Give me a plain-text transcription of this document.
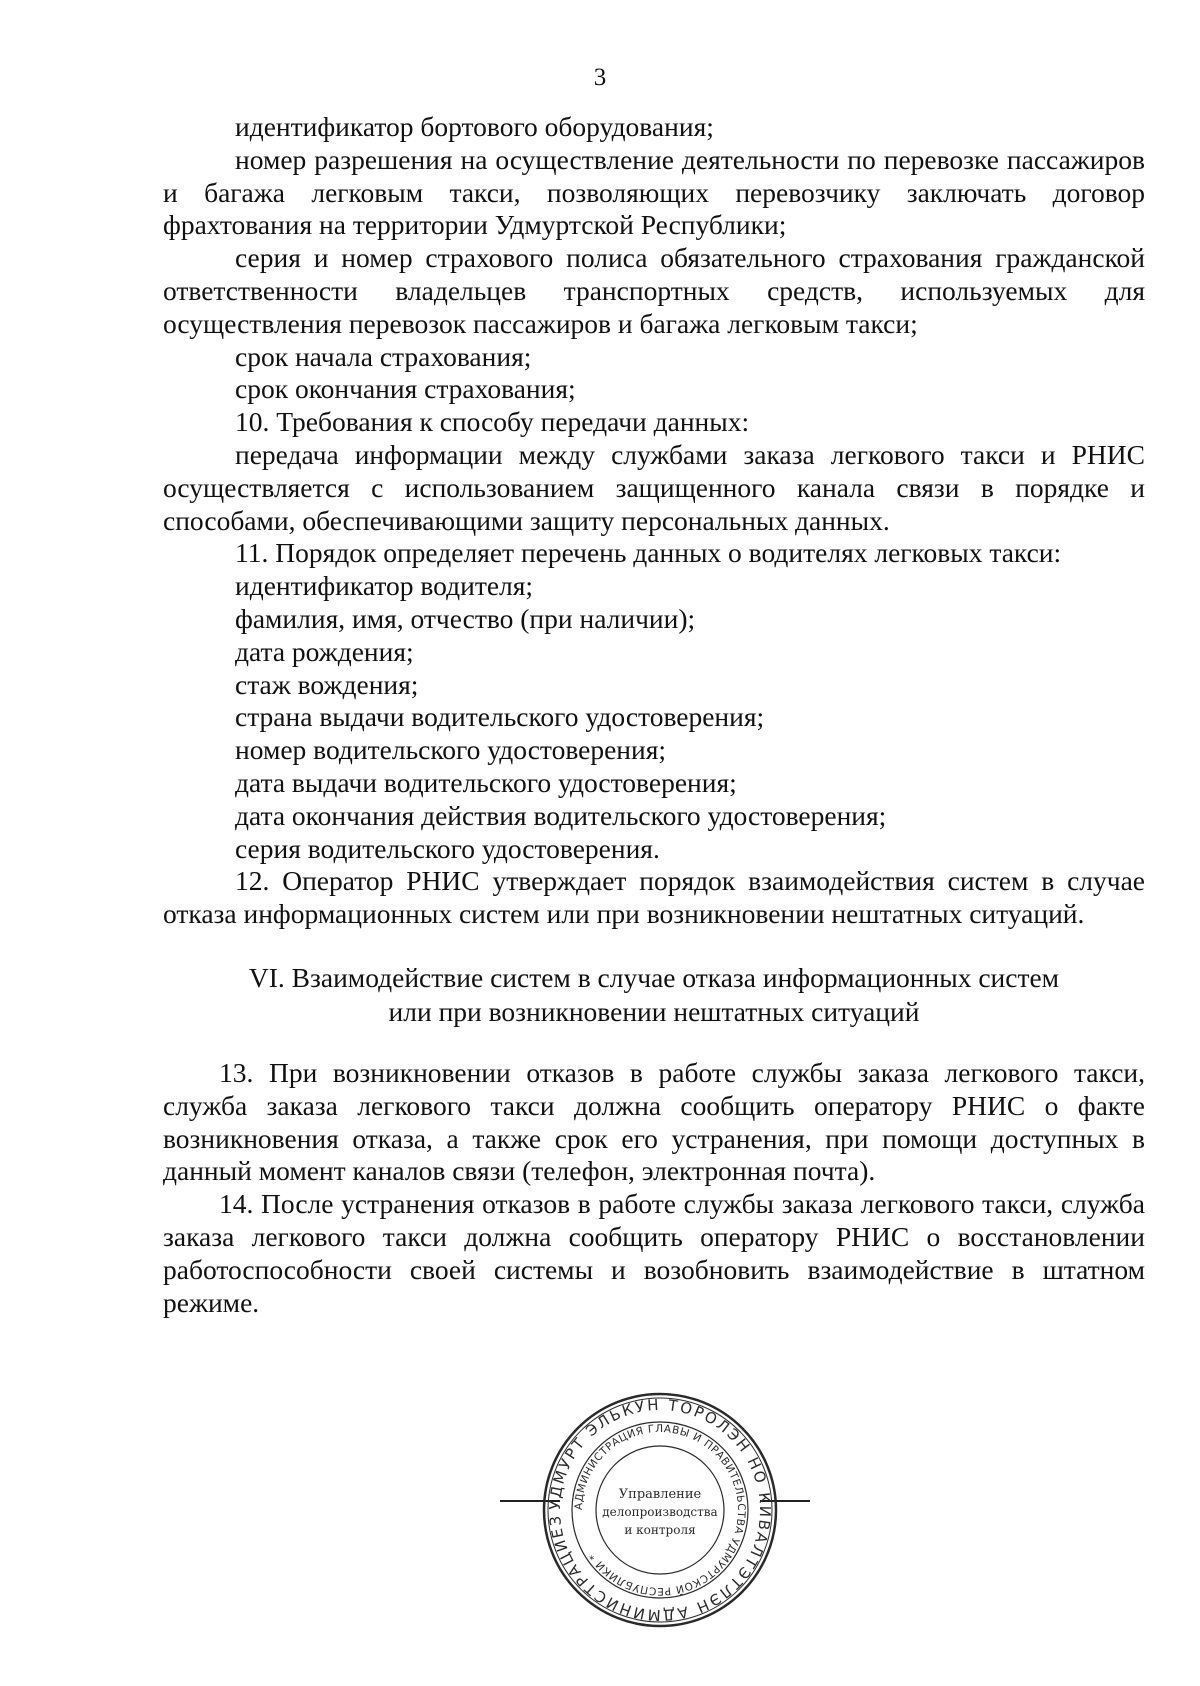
3

идентификатор бортового оборудования;

номер разрешения на осуществление деятельности по перевозке пассажиров и багажа легковым такси, позволяющих перевозчику заключать договор фрахтования на территории Удмуртской Республики;

серия и номер страхового полиса обязательного страхования гражданской ответственности владельцев транспортных средств, используемых для осуществления перевозок пассажиров и багажа легковым такси;

срок начала страхования;

срок окончания страхования;

10. Требования к способу передачи данных:

передача информации между службами заказа легкового такси и РНИС осуществляется с использованием защищенного канала связи в порядке и способами, обеспечивающими защиту персональных данных.

11. Порядок определяет перечень данных о водителях легковых такси:

идентификатор водителя;

фамилия, имя, отчество (при наличии);

дата рождения;

стаж вождения;

страна выдачи водительского удостоверения;

номер водительского удостоверения;

дата выдачи водительского удостоверения;

дата окончания действия водительского удостоверения;

серия водительского удостоверения.

12. Оператор РНИС утверждает порядок взаимодействия систем в случае отказа информационных систем или при возникновении нештатных ситуаций.

VI. Взаимодействие систем в случае отказа информационных систем
или при возникновении нештатных ситуаций

13. При возникновении отказов в работе службы заказа легкового такси, служба заказа легкового такси должна сообщить оператору РНИС о факте возникновения отказа, а также срок его устранения, при помощи доступных в данный момент каналов связи (телефон, электронная почта).

14. После устранения отказов в работе службы заказа легкового такси, служба заказа легкового такси должна сообщить оператору РНИС о восстановлении работоспособности своей системы и возобновить взаимодействие в штатном режиме.

УДМУРТ ЭЛЬКУН ТОРОЛЭН НО КИВАЛТЭТЛЭН АДМИНИСТРАЦИЕЗ
АДМИНИСТРАЦИЯ ГЛАВЫ И ПРАВИТЕЛЬСТВА УДМУРТСКОЙ РЕСПУБЛИКИ *
Управление
делопроизводства
и контроля
